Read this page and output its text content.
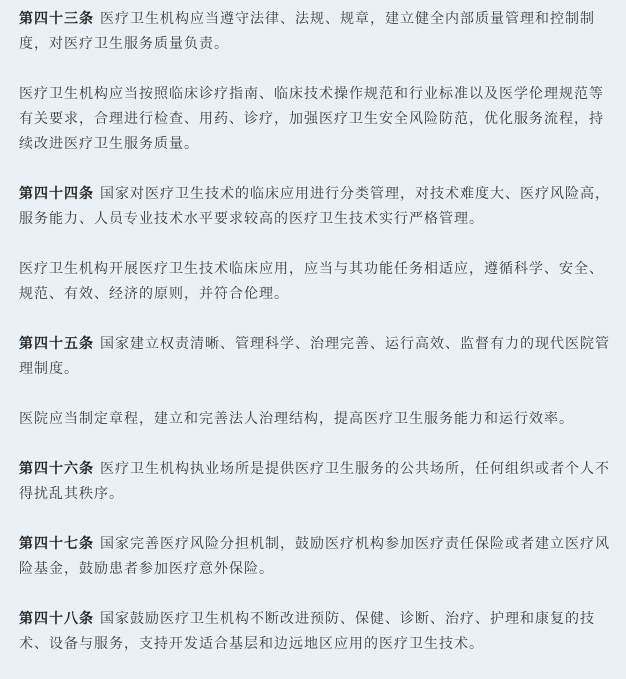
第四十三条 医疗卫生机构应当遵守法律、法规、规章，建立健全内部质量管理和控制制度，对医疗卫生服务质量负责。

医疗卫生机构应当按照临床诊疗指南、临床技术操作规范和行业标准以及医学伦理规范等有关要求，合理进行检查、用药、诊疗，加强医疗卫生安全风险防范，优化服务流程，持续改进医疗卫生服务质量。

第四十四条 国家对医疗卫生技术的临床应用进行分类管理，对技术难度大、医疗风险高，服务能力、人员专业技术水平要求较高的医疗卫生技术实行严格管理。

医疗卫生机构开展医疗卫生技术临床应用，应当与其功能任务相适应，遵循科学、安全、规范、有效、经济的原则，并符合伦理。

第四十五条 国家建立权责清晰、管理科学、治理完善、运行高效、监督有力的现代医院管理制度。

医院应当制定章程，建立和完善法人治理结构，提高医疗卫生服务能力和运行效率。

第四十六条 医疗卫生机构执业场所是提供医疗卫生服务的公共场所，任何组织或者个人不得扰乱其秩序。

第四十七条 国家完善医疗风险分担机制，鼓励医疗机构参加医疗责任保险或者建立医疗风险基金，鼓励患者参加医疗意外保险。

第四十八条 国家鼓励医疗卫生机构不断改进预防、保健、诊断、治疗、护理和康复的技术、设备与服务，支持开发适合基层和边远地区应用的医疗卫生技术。
